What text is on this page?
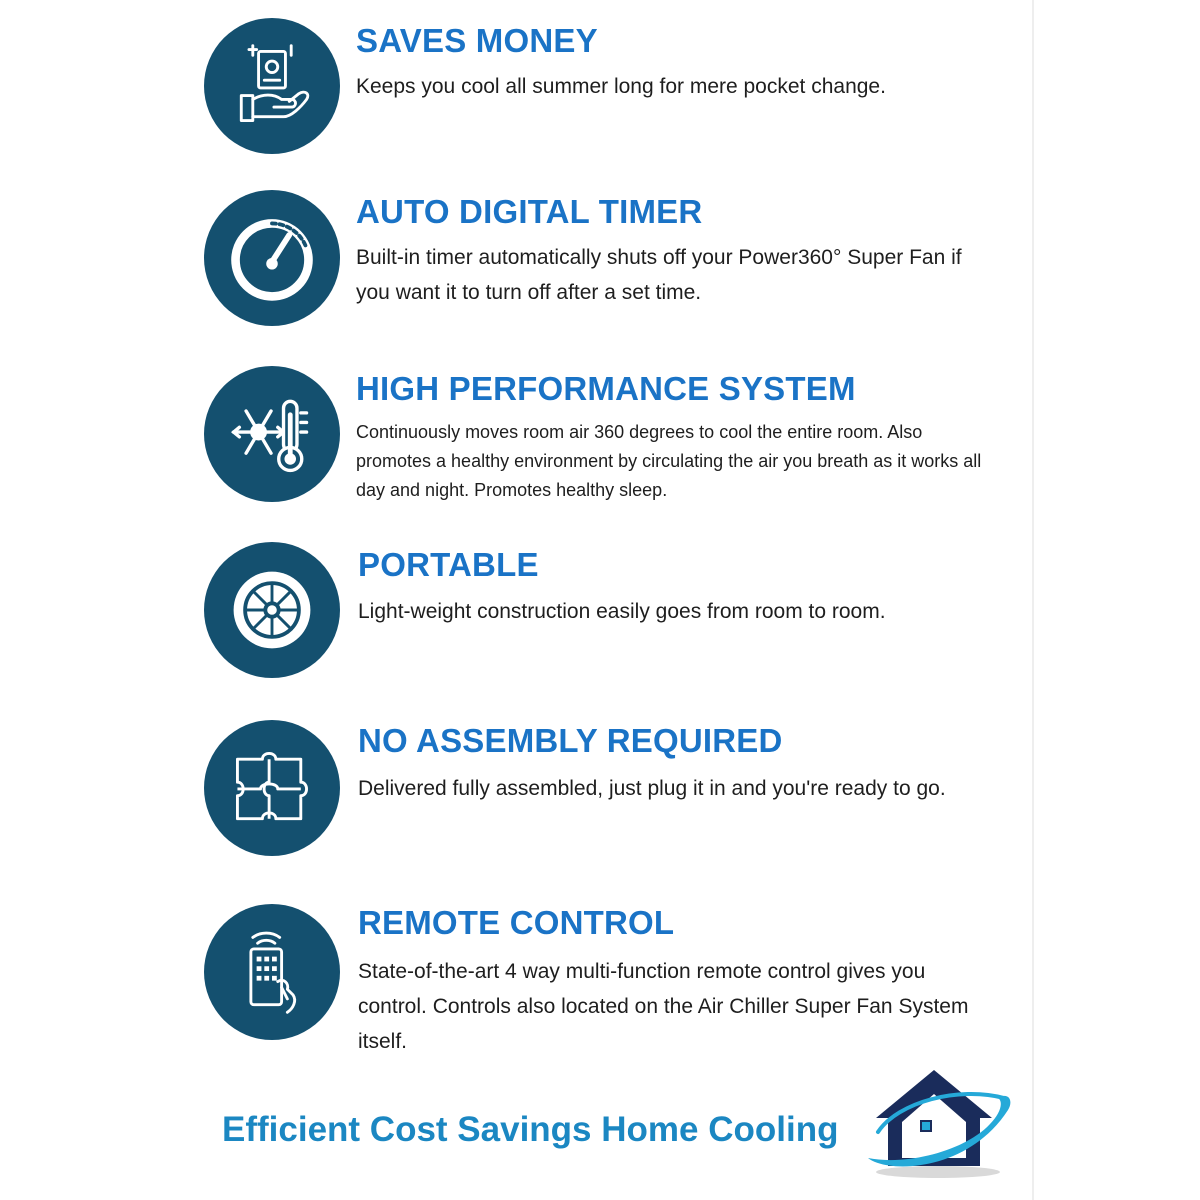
SAVES MONEY

Keeps you cool all summer long for mere pocket change.

AUTO DIGITAL TIMER

Built-in timer automatically shuts off your Power360° Super Fan if you want it to turn off after a set time.

HIGH PERFORMANCE SYSTEM

Continuously moves room air 360 degrees to cool the entire room. Also promotes a healthy environment by circulating the air you breath as it works all day and night. Promotes healthy sleep.

PORTABLE

Light-weight construction easily goes from room to room.

NO ASSEMBLY REQUIRED

Delivered fully assembled, just plug it in and you're ready to go.

REMOTE CONTROL

State-of-the-art 4 way multi-function remote control gives you control. Controls also located on the Air Chiller Super Fan System itself.

Efficient Cost Savings Home Cooling
